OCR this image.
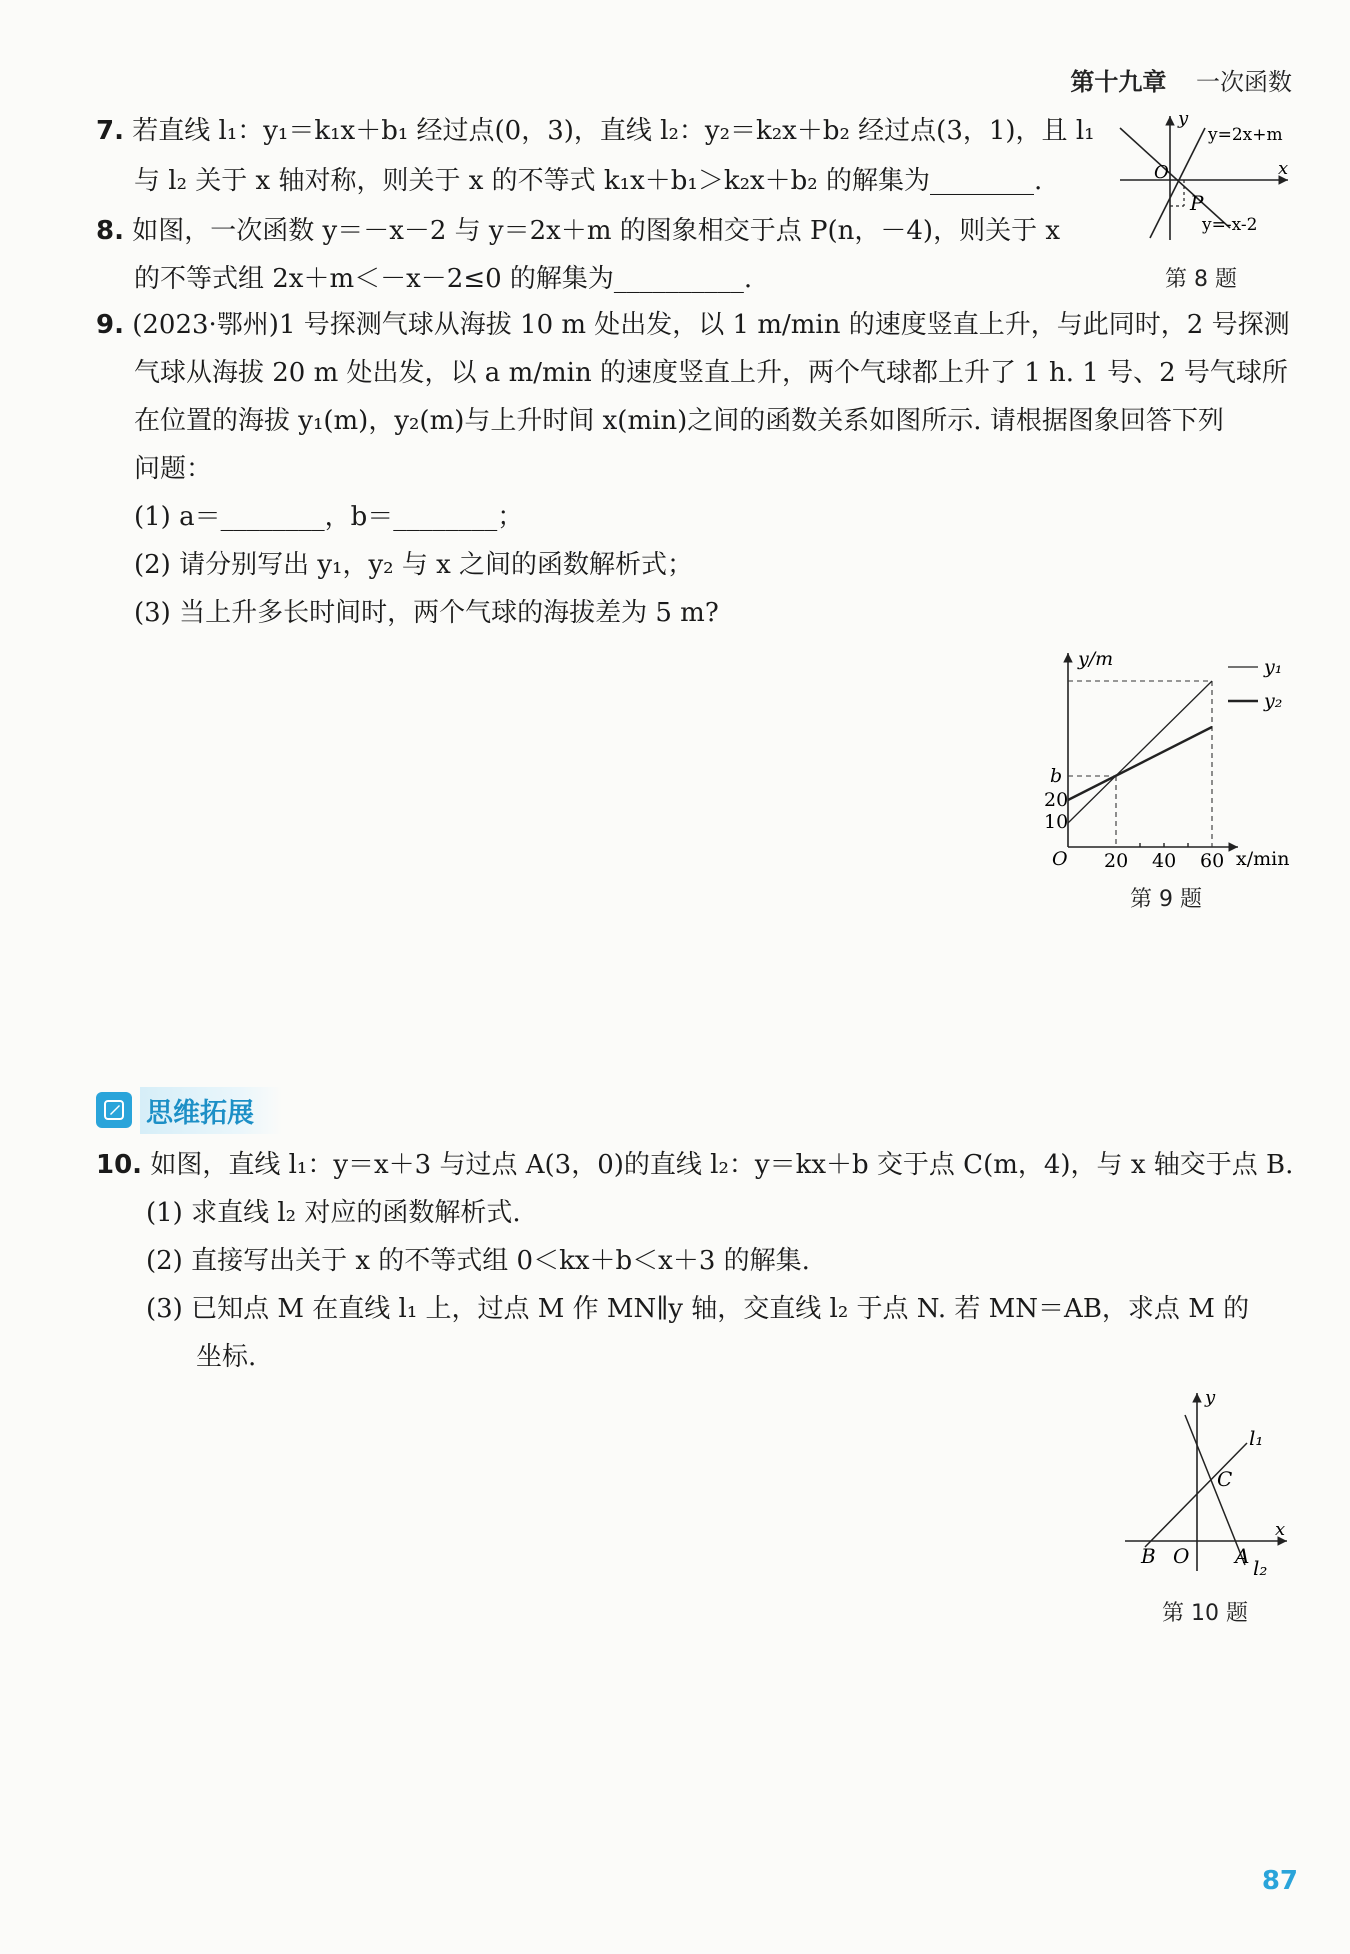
第十九章 一次函数
7. 若直线 l₁：y₁＝k₁x＋b₁ 经过点(0，3)，直线 l₂：y₂＝k₂x＋b₂ 经过点(3，1)，且 l₁
与 l₂ 关于 x 轴对称，则关于 x 的不等式 k₁x＋b₁＞k₂x＋b₂ 的解集为________.
8. 如图，一次函数 y＝－x－2 与 y＝2x＋m 的图象相交于点 P(n，－4)，则关于 x
的不等式组 2x＋m＜－x－2≤0 的解集为__________.
y
x
O
P
y=2x+m
y=-x-2
第 8 题
9. (2023·鄂州)1 号探测气球从海拔 10 m 处出发，以 1 m/min 的速度竖直上升，与此同时，2 号探测
气球从海拔 20 m 处出发，以 a m/min 的速度竖直上升，两个气球都上升了 1 h. 1 号、2 号气球所
在位置的海拔 y₁(m)，y₂(m)与上升时间 x(min)之间的函数关系如图所示. 请根据图象回答下列
问题：
(1) a＝________，b＝________；
(2) 请分别写出 y₁，y₂ 与 x 之间的函数解析式；
(3) 当上升多长时间时，两个气球的海拔差为 5 m?
y/m
x/min
O
b
20
10
20 40 60
y₁
y₂
第 9 题
思维拓展
10. 如图，直线 l₁：y＝x＋3 与过点 A(3，0)的直线 l₂：y＝kx＋b 交于点 C(m，4)，与 x 轴交于点 B.
(1) 求直线 l₂ 对应的函数解析式.
(2) 直接写出关于 x 的不等式组 0＜kx＋b＜x＋3 的解集.
(3) 已知点 M 在直线 l₁ 上，过点 M 作 MN∥y 轴，交直线 l₂ 于点 N. 若 MN＝AB，求点 M 的
坐标.
y
x
l₁
l₂
C
B O A
第 10 题
87
